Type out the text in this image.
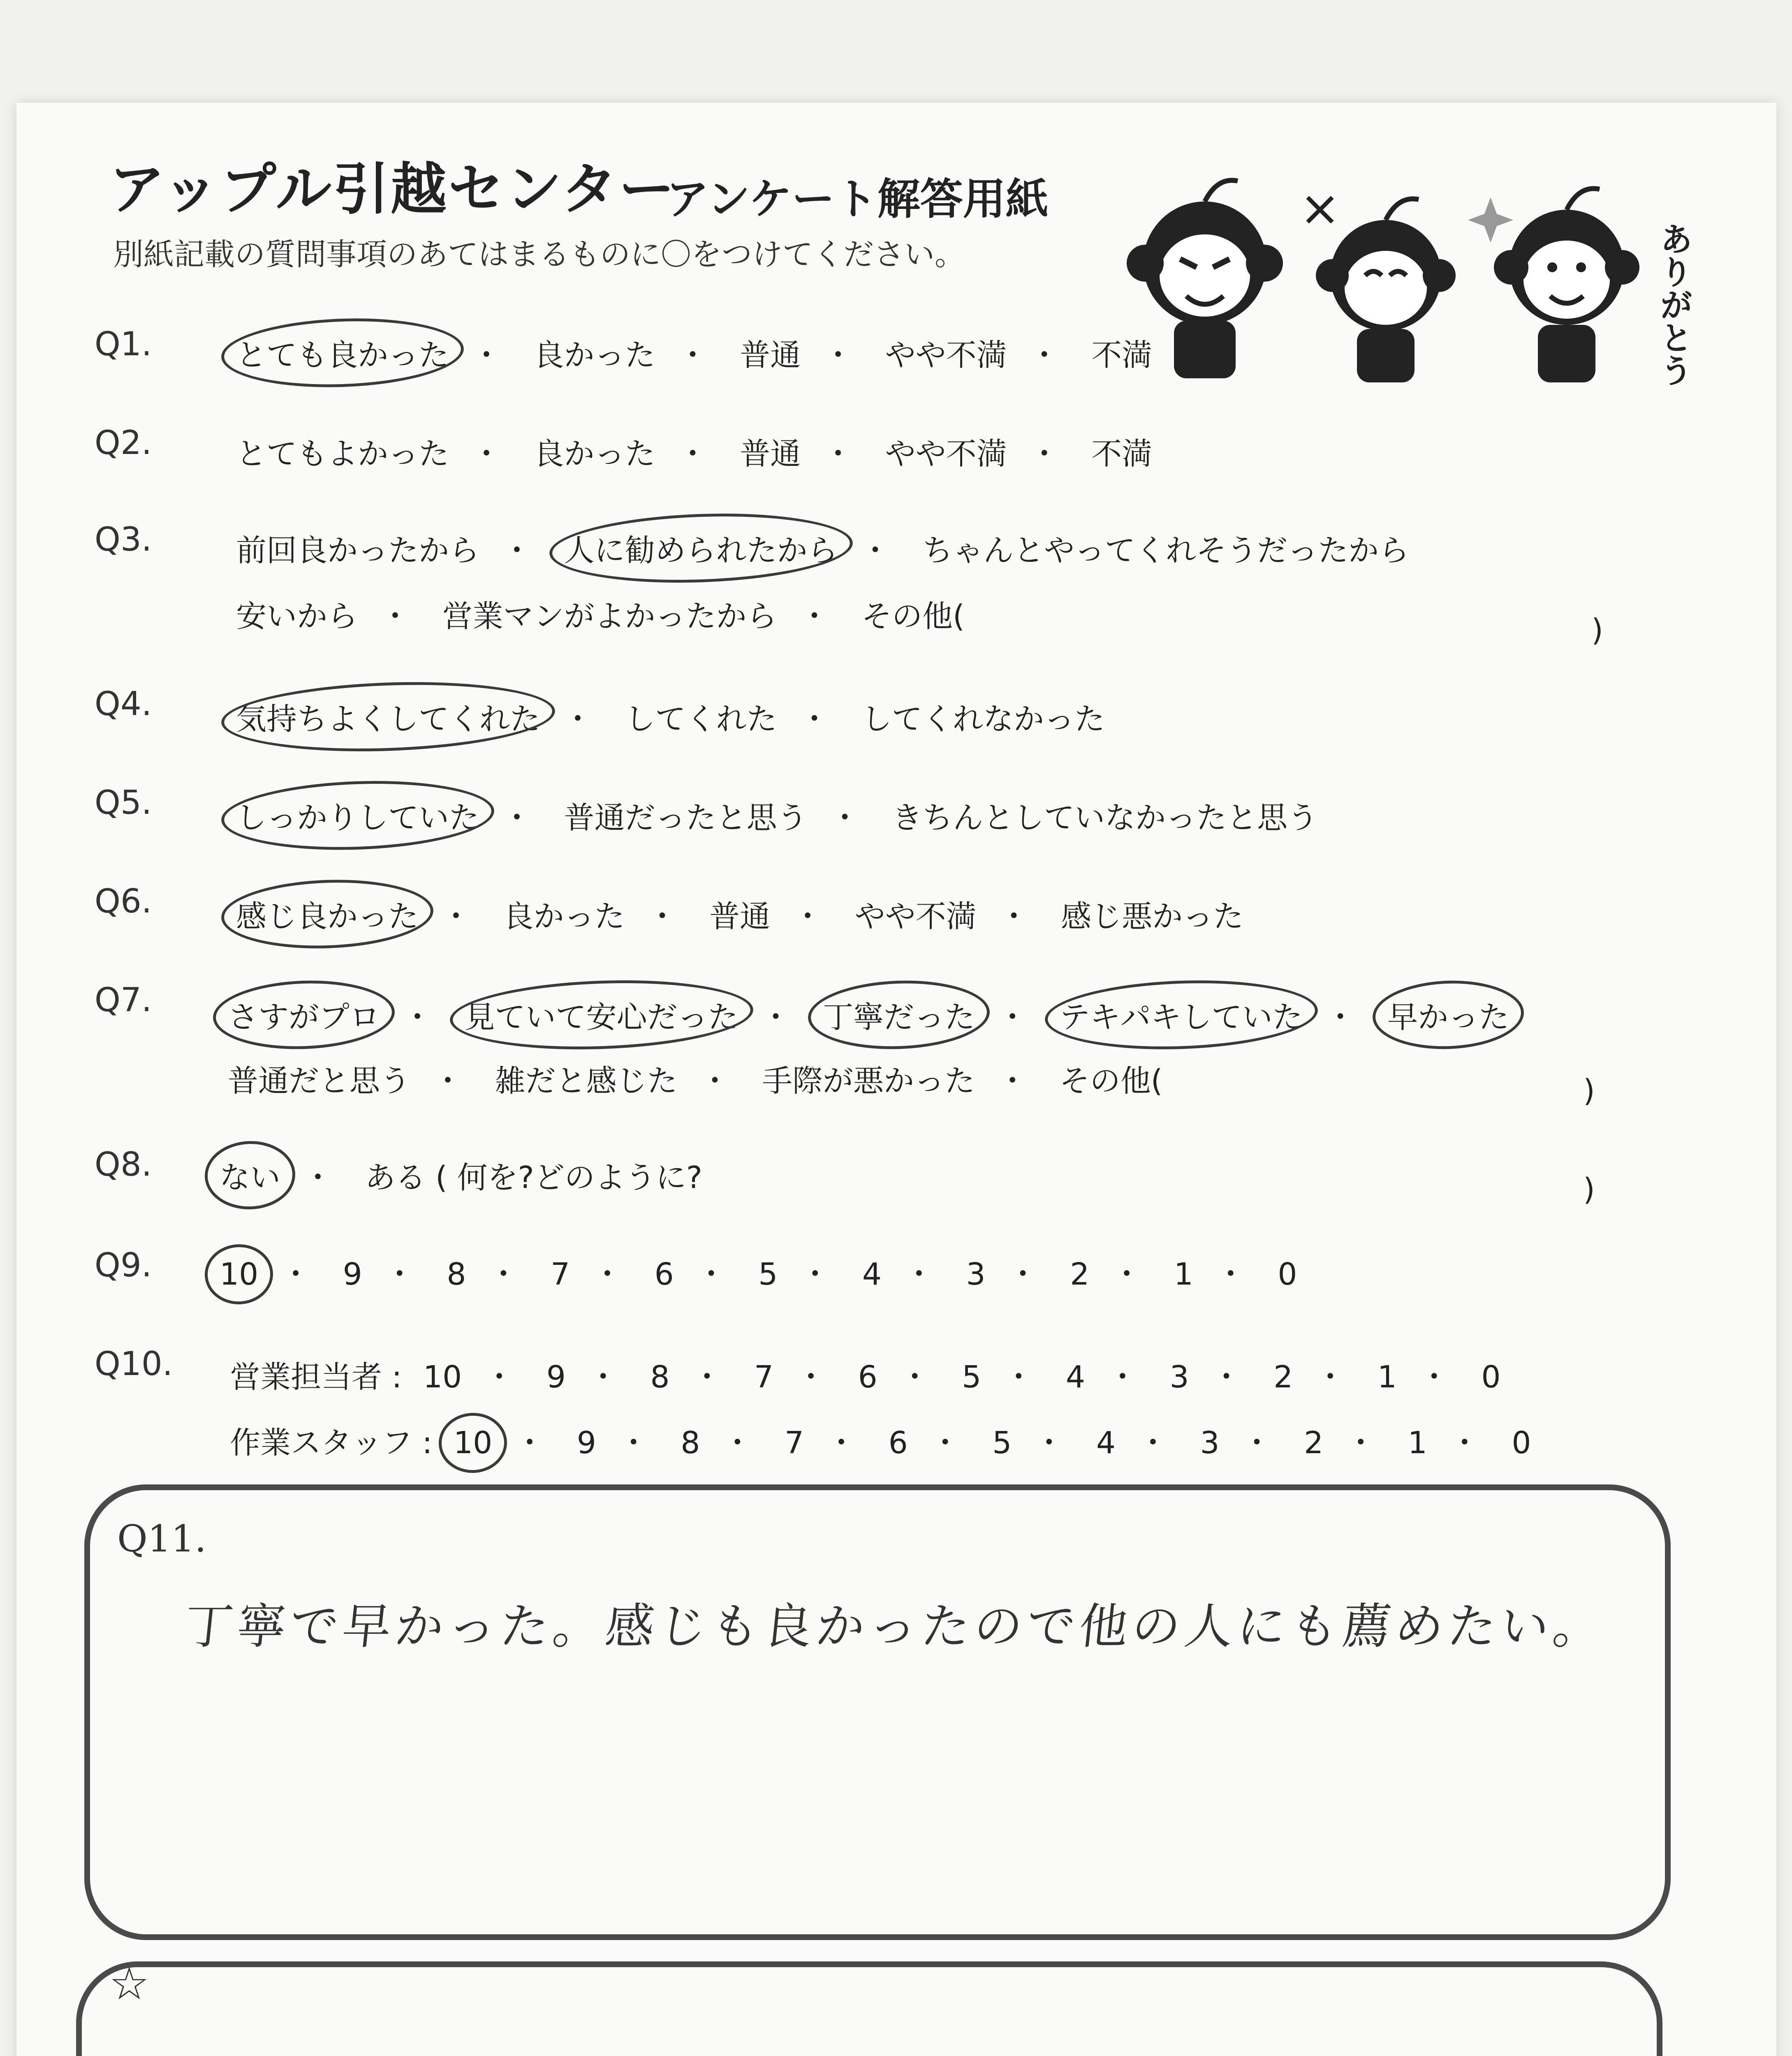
アップル引越センター
アンケート解答用紙
別紙記載の質問事項のあてはまるものに〇をつけてください。	ありがとう
Q1.	とても良かった ・ 良かった ・ 普通 ・ やや不満 ・ 不満
Q2.	とてもよかった ・ 良かった ・ 普通 ・ やや不満 ・ 不満
Q3.	前回良かったから ・ 人に勧められたから ・ ちゃんとやってくれそうだったから
安いから ・ 営業マンがよかったから ・ その他(	)
Q4.	気持ちよくしてくれた ・ してくれた ・ してくれなかった
Q5.	しっかりしていた ・ 普通だったと思う ・ きちんとしていなかったと思う
Q6.	感じ良かった ・ 良かった ・ 普通 ・ やや不満 ・ 感じ悪かった
Q7. さすがプロ ・ 見ていて安心だった ・ 丁寧だった ・ テキパキしていた ・ 早かった
普通だと思う ・ 雑だと感じた ・ 手際が悪かった ・ その他(	)
Q8. ない ・ ある ( 何を?どのように?	)
Q9. 10 ・ 9 ・ 8 ・ 7 ・ 6 ・ 5 ・ 4 ・ 3 ・ 2 ・ 1 ・ 0
Q10. 営業担当者 : 10 ・ 9 ・ 8 ・ 7 ・ 6 ・ 5 ・ 4 ・ 3 ・ 2 ・ 1 ・ 0
作業スタッフ : 10 ・ 9 ・ 8 ・ 7 ・ 6 ・ 5 ・ 4 ・ 3 ・ 2 ・ 1 ・ 0
Q11.
丁寧で早かった。感じも良かったので他の人にも薦めたい。
☆
